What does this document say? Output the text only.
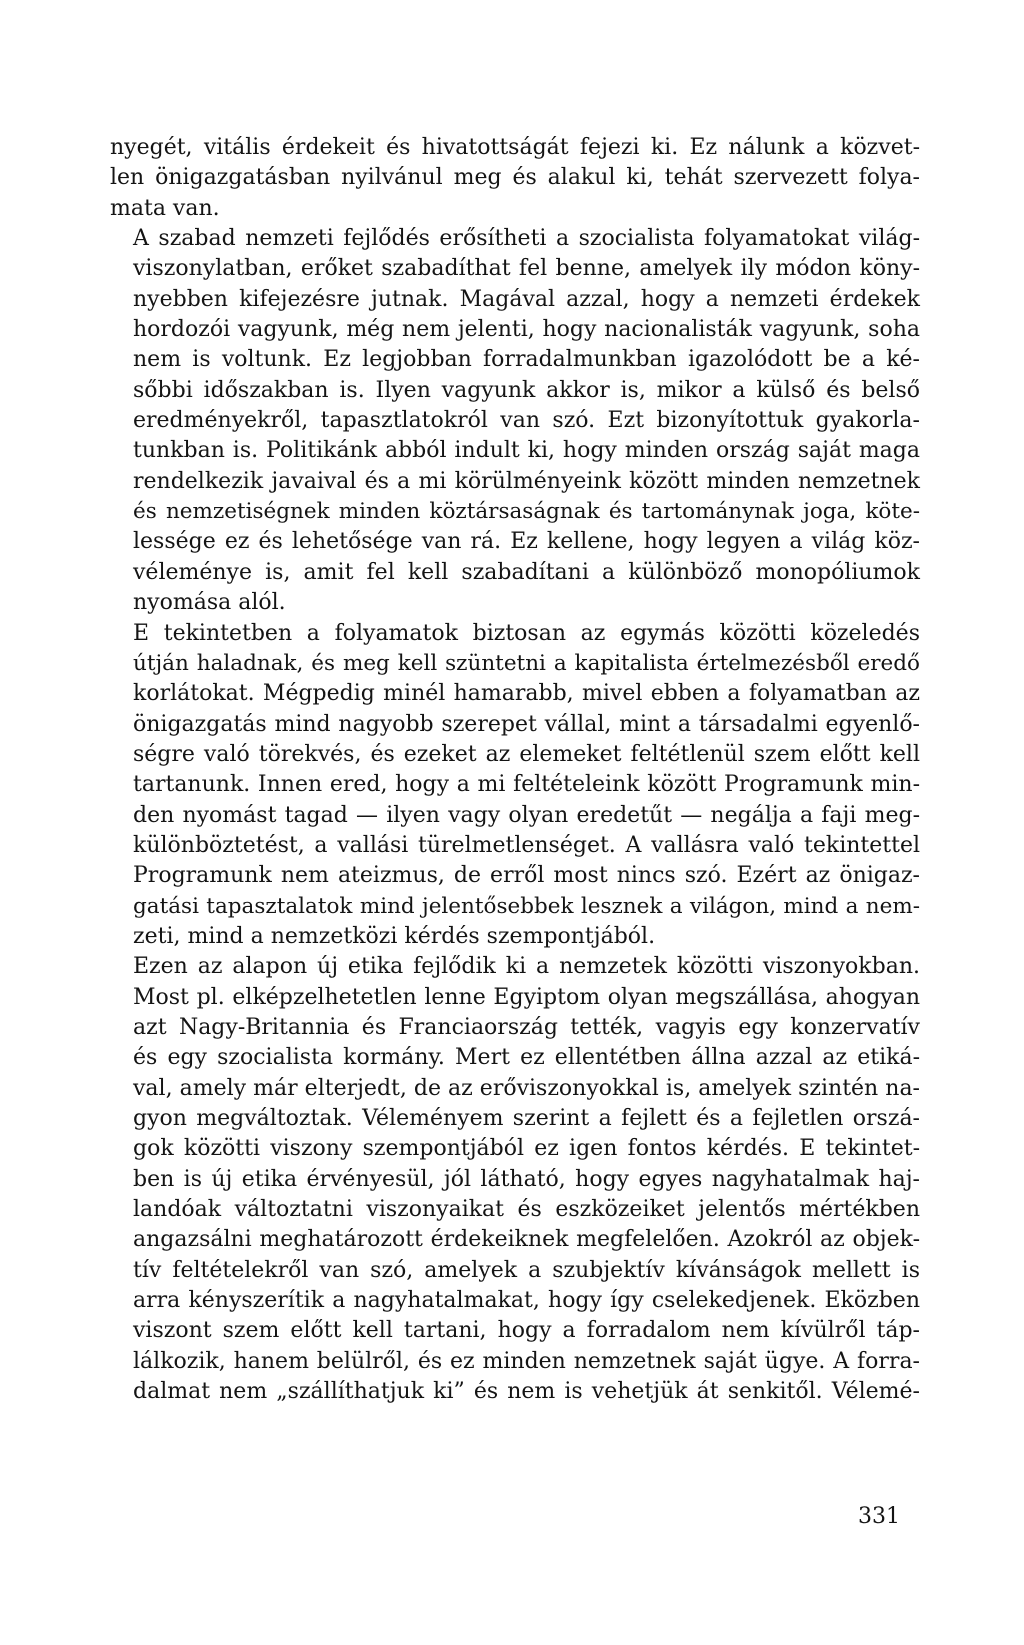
nyegét, vitális érdekeit és hivatottságát fejezi ki. Ez nálunk a közvet-
len önigazgatásban nyilvánul meg és alakul ki, tehát szervezett folya-
mata van.
A szabad nemzeti fejlődés erősítheti a szocialista folyamatokat világ-
viszonylatban, erőket szabadíthat fel benne, amelyek ily módon köny-
nyebben kifejezésre jutnak. Magával azzal, hogy a nemzeti érdekek
hordozói vagyunk, még nem jelenti, hogy nacionalisták vagyunk, soha
nem is voltunk. Ez legjobban forradalmunkban igazolódott be a ké-
sőbbi időszakban is. Ilyen vagyunk akkor is, mikor a külső és belső
eredményekről, tapasztlatokról van szó. Ezt bizonyítottuk gyakorla-
tunkban is. Politikánk abból indult ki, hogy minden ország saját maga
rendelkezik javaival és a mi körülményeink között minden nemzetnek
és nemzetiségnek minden köztársaságnak és tartománynak joga, köte-
lessége ez és lehetősége van rá. Ez kellene, hogy legyen a világ köz-
véleménye is, amit fel kell szabadítani a különböző monopóliumok
nyomása alól.
E tekintetben a folyamatok biztosan az egymás közötti közeledés
útján haladnak, és meg kell szüntetni a kapitalista értelmezésből eredő
korlátokat. Mégpedig minél hamarabb, mivel ebben a folyamatban az
önigazgatás mind nagyobb szerepet vállal, mint a társadalmi egyenlő-
ségre való törekvés, és ezeket az elemeket feltétlenül szem előtt kell
tartanunk. Innen ered, hogy a mi feltételeink között Programunk min-
den nyomást tagad — ilyen vagy olyan eredetűt — negálja a faji meg-
különböztetést, a vallási türelmetlenséget. A vallásra való tekintettel
Programunk nem ateizmus, de erről most nincs szó. Ezért az önigaz-
gatási tapasztalatok mind jelentősebbek lesznek a világon, mind a nem-
zeti, mind a nemzetközi kérdés szempontjából.
Ezen az alapon új etika fejlődik ki a nemzetek közötti viszonyokban.
Most pl. elképzelhetetlen lenne Egyiptom olyan megszállása, ahogyan
azt Nagy-Britannia és Franciaország tették, vagyis egy konzervatív
és egy szocialista kormány. Mert ez ellentétben állna azzal az etiká-
val, amely már elterjedt, de az erőviszonyokkal is, amelyek szintén na-
gyon megváltoztak. Véleményem szerint a fejlett és a fejletlen orszá-
gok közötti viszony szempontjából ez igen fontos kérdés. E tekintet-
ben is új etika érvényesül, jól látható, hogy egyes nagyhatalmak haj-
landóak változtatni viszonyaikat és eszközeiket jelentős mértékben
angazsálni meghatározott érdekeiknek megfelelően. Azokról az objek-
tív feltételekről van szó, amelyek a szubjektív kívánságok mellett is
arra kényszerítik a nagyhatalmakat, hogy így cselekedjenek. Eközben
viszont szem előtt kell tartani, hogy a forradalom nem kívülről táp-
lálkozik, hanem belülről, és ez minden nemzetnek saját ügye. A forra-
dalmat nem „szállíthatjuk ki” és nem is vehetjük át senkitől. Vélemé-

331
